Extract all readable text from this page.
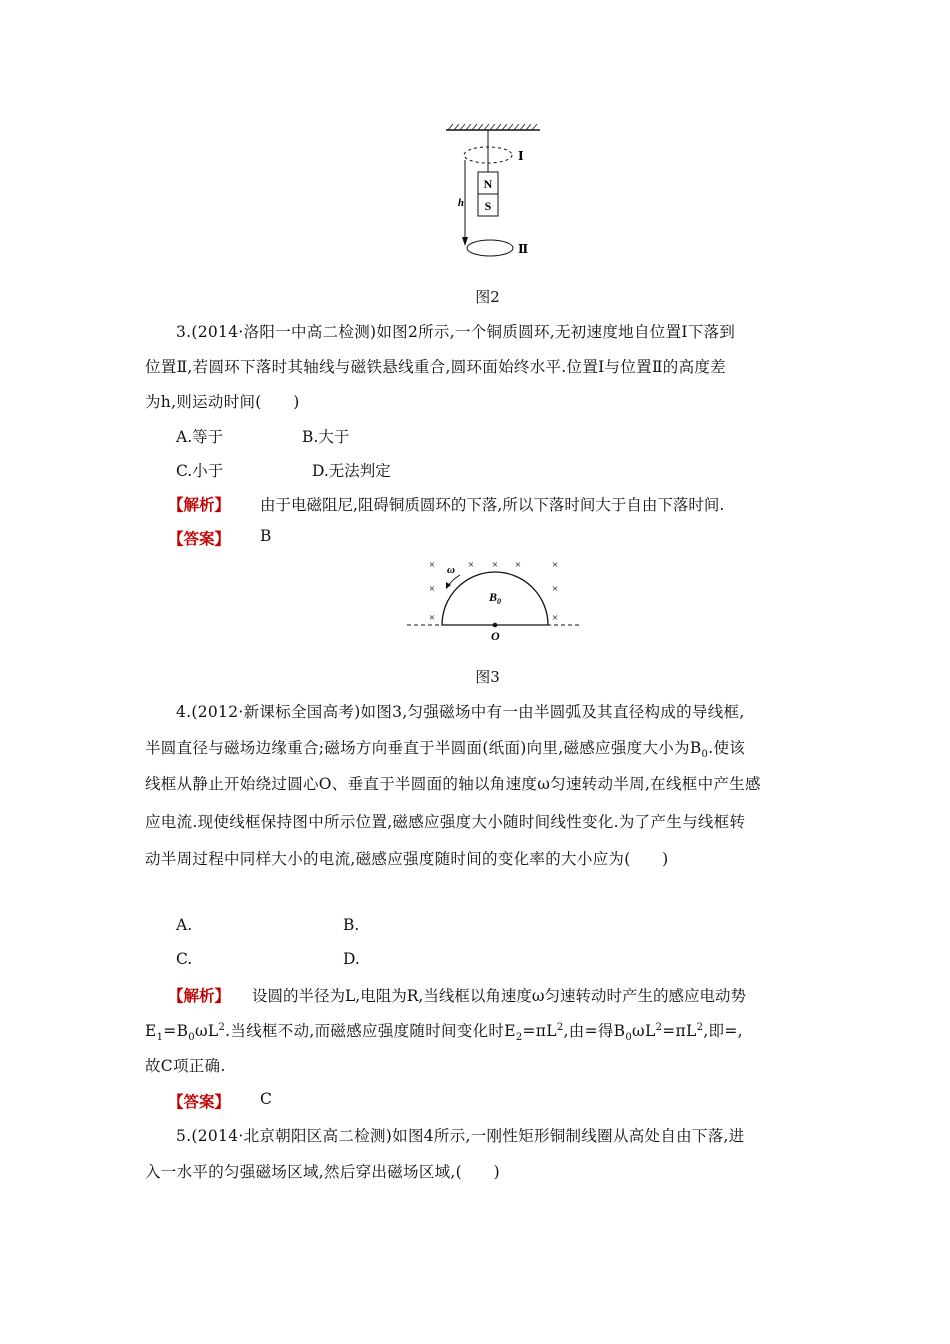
N
S
h
Ⅰ
Ⅱ
图2
3.(2014·洛阳一中高二检测)如图2所示,一个铜质圆环,无初速度地自位置Ⅰ下落到
位置Ⅱ,若圆环下落时其轴线与磁铁悬线重合,圆环面始终水平.位置Ⅰ与位置Ⅱ的高度差
为h,则运动时间(　　)
A.等于	B.大于
C.小于	D.无法判定
【解析】 由于电磁阻尼,阻碍铜质圆环的下落,所以下落时间大于自由下落时间.
【答案】 B
×	× × ×	×
×	×
×	×
ω
$B_0$
O
图3
4.(2012·新课标全国高考)如图3,匀强磁场中有一由半圆弧及其直径构成的导线框,
半圆直径与磁场边缘重合;磁场方向垂直于半圆面(纸面)向里,磁感应强度大小为$B_0$.使该
线框从静止开始绕过圆心O、垂直于半圆面的轴以角速度ω匀速转动半周,在线框中产生感
应电流.现使线框保持图中所示位置,磁感应强度大小随时间线性变化.为了产生与线框转
动半周过程中同样大小的电流,磁感应强度随时间的变化率的大小应为(　　)
A.	B.
C.	D.
【解析】 设圆的半径为L,电阻为R,当线框以角速度ω匀速转动时产生的感应电动势
$E_1=B_0\omega L^2$.当线框不动,而磁感应强度随时间变化时$E_2=\pi L^2$,由=得$B_0\omega L^2=\pi L^2$,即=,
故C项正确.
【答案】 C
5.(2014·北京朝阳区高二检测)如图4所示,一刚性矩形铜制线圈从高处自由下落,进
入一水平的匀强磁场区域,然后穿出磁场区域,(　　)
